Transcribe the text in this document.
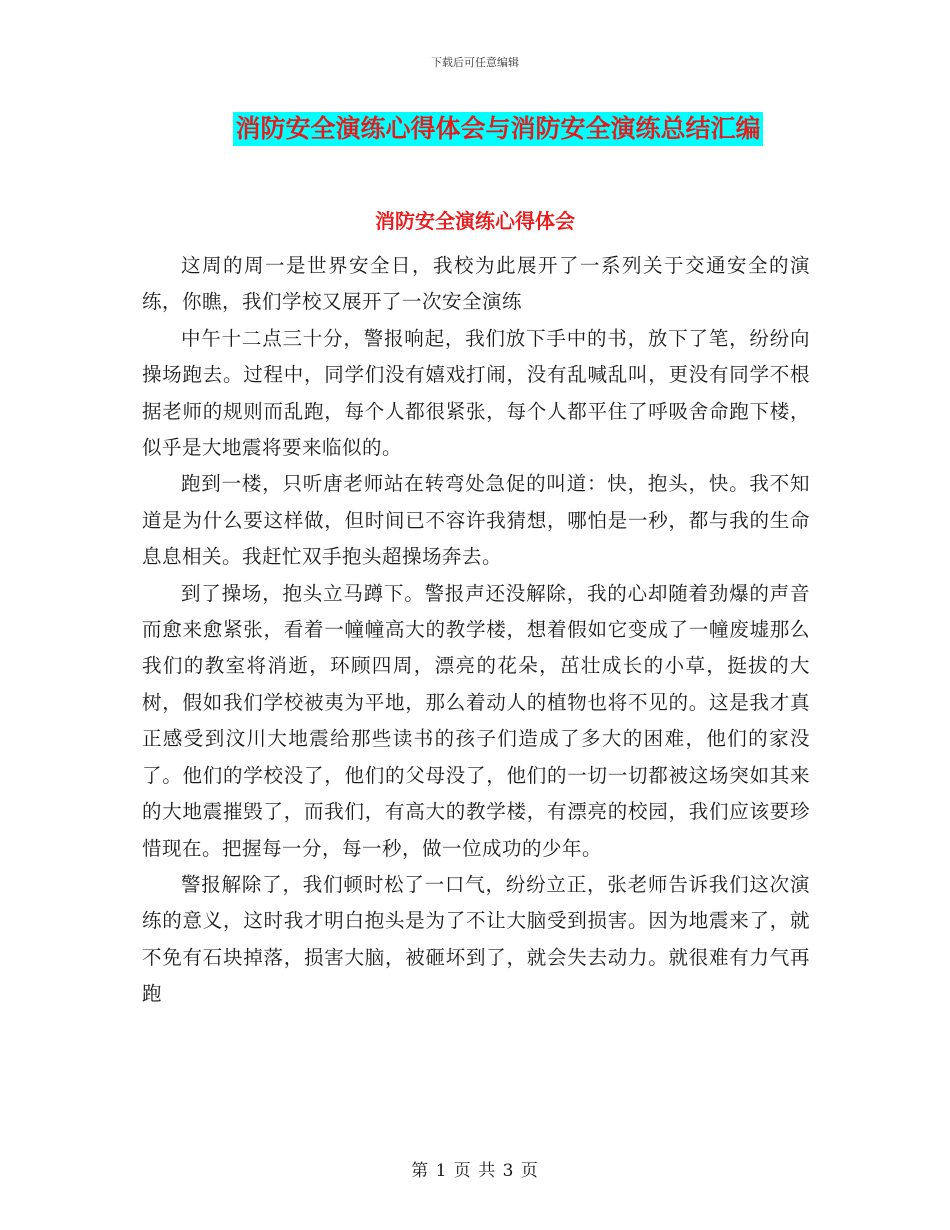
下载后可任意编辑
消防安全演练心得体会与消防安全演练总结汇编
消防安全演练心得体会

这周的周一是世界安全日，我校为此展开了一系列关于交通安全的演练，你瞧，我们学校又展开了一次安全演练

中午十二点三十分，警报响起，我们放下手中的书，放下了笔，纷纷向操场跑去。过程中，同学们没有嬉戏打闹，没有乱喊乱叫，更没有同学不根据老师的规则而乱跑，每个人都很紧张，每个人都平住了呼吸舍命跑下楼，似乎是大地震将要来临似的。

跑到一楼，只听唐老师站在转弯处急促的叫道：快，抱头，快。我不知道是为什么要这样做，但时间已不容许我猜想，哪怕是一秒，都与我的生命息息相关。我赶忙双手抱头超操场奔去。

到了操场，抱头立马蹲下。警报声还没解除，我的心却随着劲爆的声音而愈来愈紧张，看着一幢幢高大的教学楼，想着假如它变成了一幢废墟那么我们的教室将消逝，环顾四周，漂亮的花朵，茁壮成长的小草，挺拔的大树，假如我们学校被夷为平地，那么着动人的植物也将不见的。这是我才真正感受到汶川大地震给那些读书的孩子们造成了多大的困难，他们的家没了。他们的学校没了，他们的父母没了，他们的一切一切都被这场突如其来的大地震摧毁了，而我们，有高大的教学楼，有漂亮的校园，我们应该要珍惜现在。把握每一分，每一秒，做一位成功的少年。

警报解除了，我们顿时松了一口气，纷纷立正，张老师告诉我们这次演练的意义，这时我才明白抱头是为了不让大脑受到损害。因为地震来了，就不免有石块掉落，损害大脑，被砸坏到了，就会失去动力。就很难有力气再跑

第 1 页 共 3 页
